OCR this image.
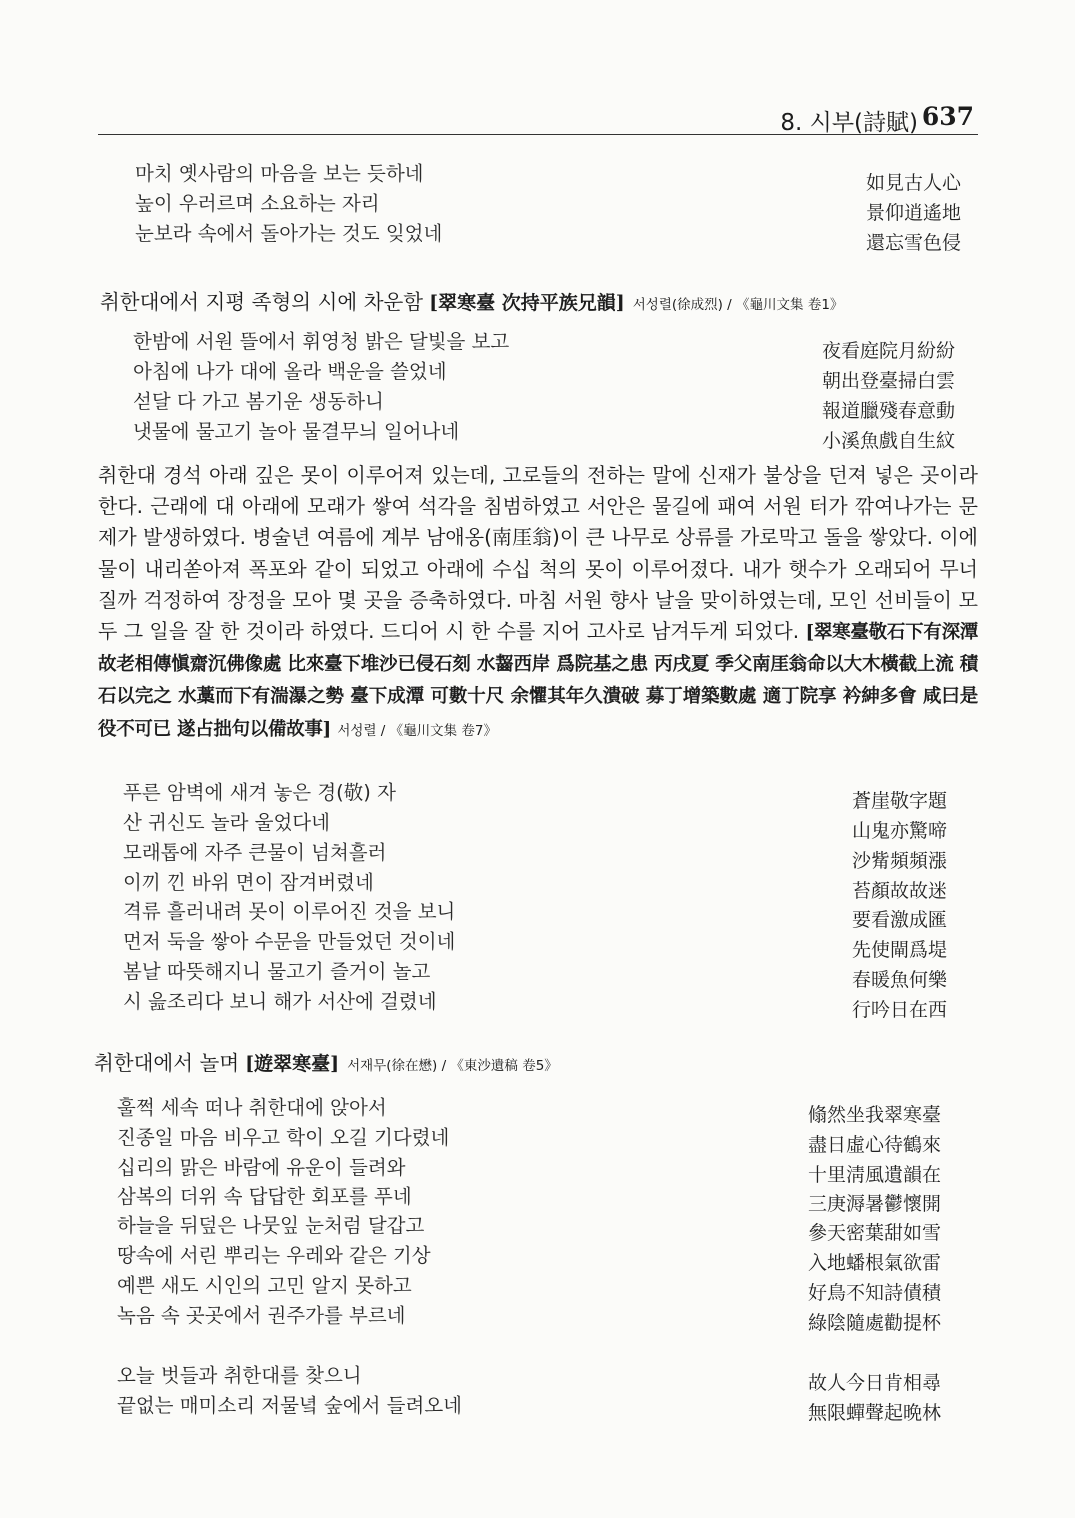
8. 시부(詩賦) 637
마치 옛사람의 마음을 보는 듯하네
높이 우러르며 소요하는 자리
눈보라 속에서 돌아가는 것도 잊었네
如見古人心
景仰逍遙地
還忘雪色侵
취한대에서 지평 족형의 시에 차운함 [翠寒臺 次持平族兄韻] 서성렬(徐成烈) / 《龜川文集 卷1》
한밤에 서원 뜰에서 휘영청 밝은 달빛을 보고
아침에 나가 대에 올라 백운을 쓸었네
섣달 다 가고 봄기운 생동하니
냇물에 물고기 놀아 물결무늬 일어나네
夜看庭院月紛紛
朝出登臺掃白雲
報道臘殘春意動
小溪魚戲自生紋
취한대 경석 아래 깊은 못이 이루어져 있는데, 고로들의 전하는 말에 신재가 불상을 던져 넣은 곳이라 한다. 근래에 대 아래에 모래가 쌓여 석각을 침범하였고 서안은 물길에 패여 서원 터가 깎여나가는 문제가 발생하였다. 병술년 여름에 계부 남애옹(南厓翁)이 큰 나무로 상류를 가로막고 돌을 쌓았다. 이에 물이 내리쏟아져 폭포와 같이 되었고 아래에 수십 척의 못이 이루어졌다. 내가 햇수가 오래되어 무너질까 걱정하여 장정을 모아 몇 곳을 증축하였다. 마침 서원 향사 날을 맞이하였는데, 모인 선비들이 모두 그 일을 잘 한 것이라 하였다. 드디어 시 한 수를 지어 고사로 남겨두게 되었다. [翠寒臺敬石下有深潭 故老相傳愼齋沉佛像處 比來臺下堆沙已侵石刻 水齧西岸 爲院基之患 丙戌夏 季父南厓翁命以大木橫截上流 積石以完之 水藁而下有湍瀑之勢 臺下成潭 可數十尺 余懼其年久潰破 募丁增築數處 適丁院享 衿紳多會 咸曰是役不可已 遂占拙句以備故事] 서성렬 / 《龜川文集 卷7》
푸른 암벽에 새겨 놓은 경(敬) 자
산 귀신도 놀라 울었다네
모래톱에 자주 큰물이 넘쳐흘러
이끼 낀 바위 면이 잠겨버렸네
격류 흘러내려 못이 이루어진 것을 보니
먼저 둑을 쌓아 수문을 만들었던 것이네
봄날 따뜻해지니 물고기 즐거이 놀고
시 읊조리다 보니 해가 서산에 걸렸네
蒼崖敬字題
山鬼亦驚啼
沙觜頻頻漲
苔顏故故迷
要看激成匯
先使閘爲堤
春暖魚何樂
行吟日在西
취한대에서 놀며 [遊翠寒臺] 서재무(徐在懋) / 《東沙遺稿 卷5》
훌쩍 세속 떠나 취한대에 앉아서
진종일 마음 비우고 학이 오길 기다렸네
십리의 맑은 바람에 유운이 들려와
삼복의 더위 속 답답한 회포를 푸네
하늘을 뒤덮은 나뭇잎 눈처럼 달갑고
땅속에 서린 뿌리는 우레와 같은 기상
예쁜 새도 시인의 고민 알지 못하고
녹음 속 곳곳에서 권주가를 부르네
翛然坐我翠寒臺
盡日虛心待鶴來
十里淸風遺韻在
三庚溽暑鬱懷開
參天密葉甜如雪
入地蟠根氣欲雷
好鳥不知詩債積
綠陰隨處勸提杯
오늘 벗들과 취한대를 찾으니
끝없는 매미소리 저물녘 숲에서 들려오네
故人今日肯相尋
無限蟬聲起晩林
